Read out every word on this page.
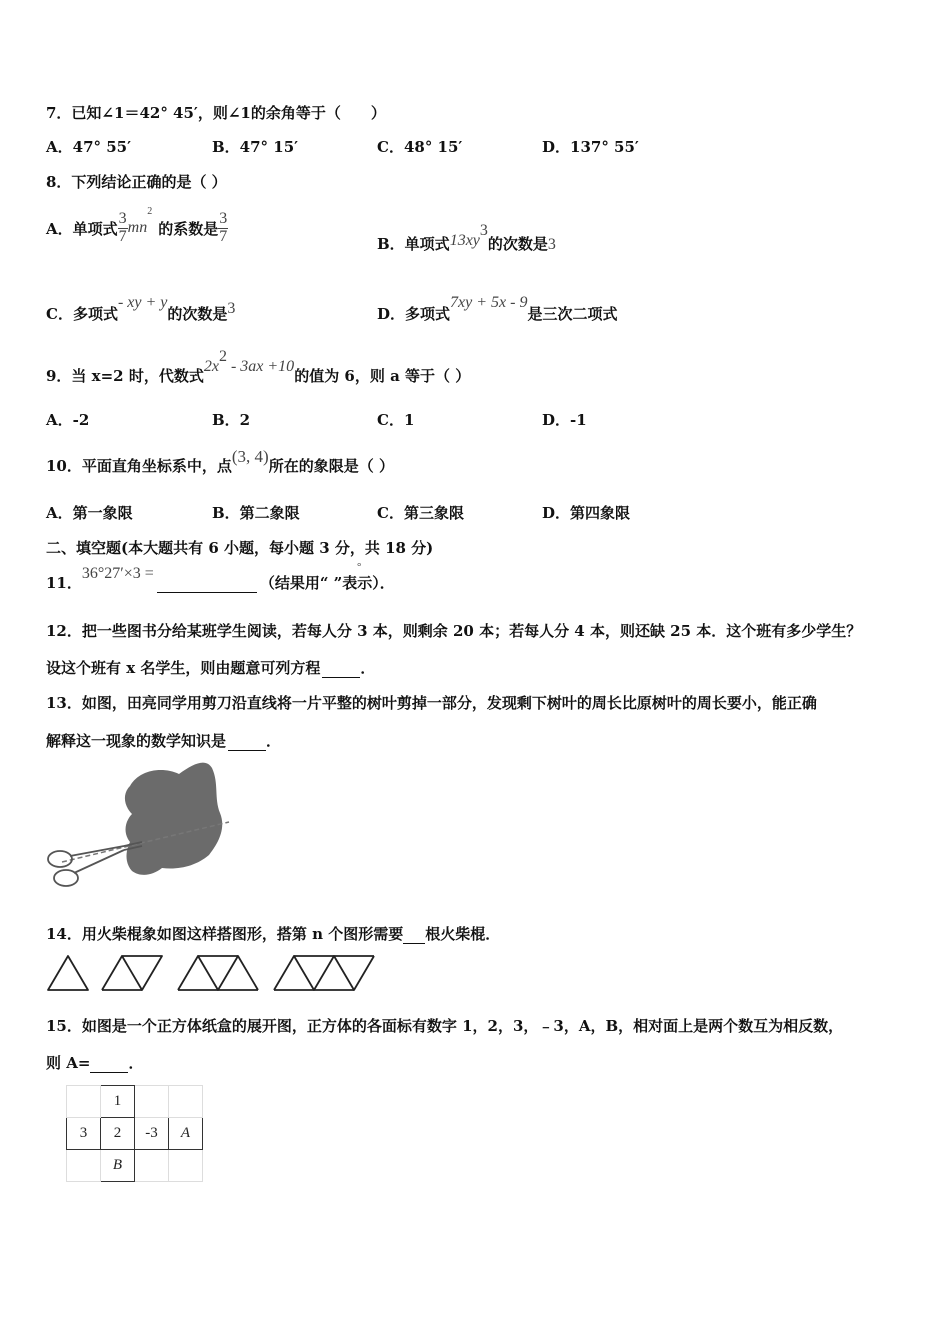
7．已知∠1＝42° 45′，则∠1的余角等于（　　）
A．47° 55′	B．47° 15′	C．48° 15′	D．137° 55′
8．下列结论正确的是（ ）
A．单项式 $\frac{3}{7} mn^2$的系数是 $\frac{3}{7}$	B．单项式$13xy^3$的次数是3
C．多项式- xy + y的次数是3	D．多项式7xy + 5x - 9是三次二项式
9．当 x=2 时，代数式$2x^2 - 3ax +10$的值为 6，则 a 等于（ ）
A．-2	B．2	C．1	D．-1
10．平面直角坐标系中，点(3, 4)所在的象限是（ ）
A．第一象限	B．第二象限	C．第三象限	D．第四象限
二、填空题(本大题共有 6 小题，每小题 3 分，共 18 分)
11．36°27′×3 =（结果用“ ”表示）．
°
12．把一些图书分给某班学生阅读，若每人分 3 本，则剩余 20 本；若每人分 4 本，则还缺 25 本．这个班有多少学生？
设这个班有 x 名学生，则由题意可列方程	．
13．如图，田亮同学用剪刀沿直线将一片平整的树叶剪掉一部分，发现剩下树叶的周长比原树叶的周长要小，能正确
解释这一现象的数学知识是	．
14．用火柴棍象如图这样搭图形，搭第 n 个图形需要 根火柴棍．
15．如图是一个正方体纸盒的展开图，正方体的各面标有数字 1，2，3，﹣3，A，B，相对面上是两个数互为相反数，
则 A=	．
	1		
3	2	-3	A
	B		
